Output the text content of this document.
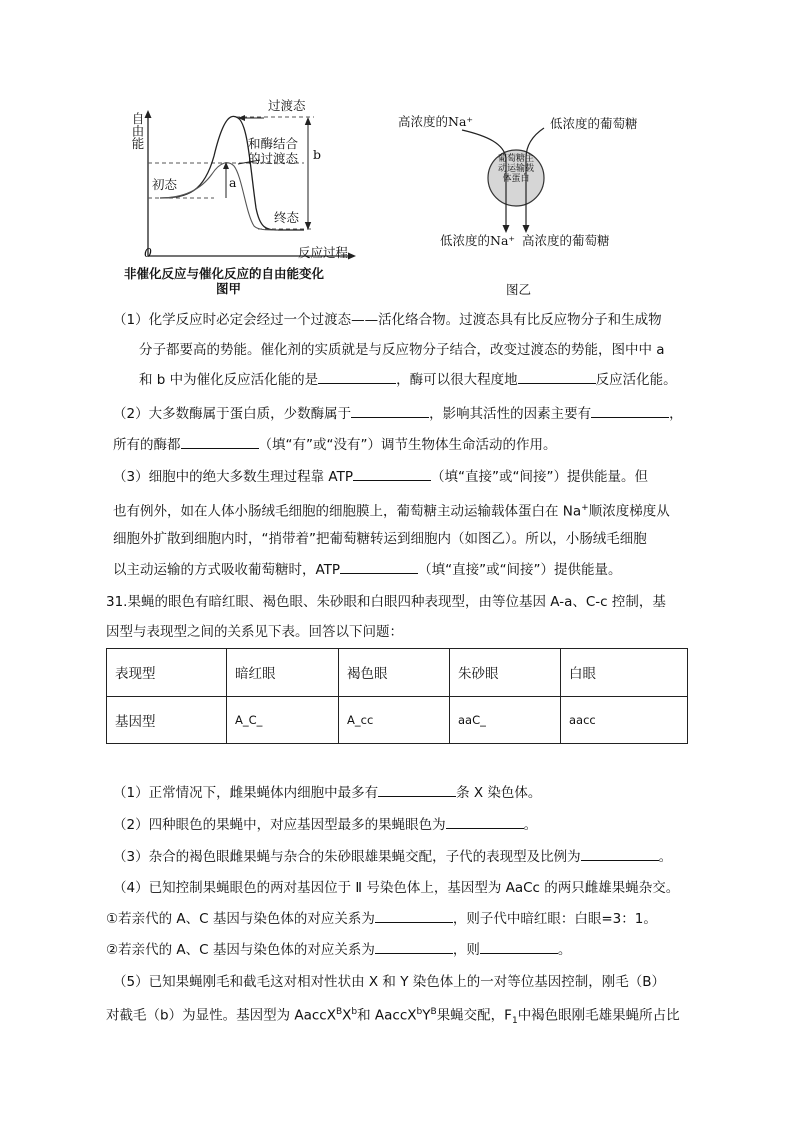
自由能
0	反应过程
过渡态
和酶结合
的过渡态
初态
终态
a
b
非催化反应与催化反应的自由能变化
图甲
高浓度的Na⁺	低浓度的葡萄糖
低浓度的Na⁺ 高浓度的葡萄糖
葡萄糖主动运输载体蛋白
图乙
（1）化学反应时必定会经过一个过渡态——活化络合物。过渡态具有比反应物分子和生成物
分子都要高的势能。催化剂的实质就是与反应物分子结合，改变过渡态的势能，图中中 a
和 b 中为催化反应活化能的是	，酶可以很大程度地	反应活化能。
（2）大多数酶属于蛋白质，少数酶属于	，影响其活性的因素主要有	，
所有的酶都	（填“有”或“没有”）调节生物体生命活动的作用。
（3）细胞中的绝大多数生理过程靠 ATP	（填“直接”或“间接”）提供能量。但
也有例外，如在人体小肠绒毛细胞的细胞膜上，葡萄糖主动运输载体蛋白在 Na+顺浓度梯度从
细胞外扩散到细胞内时，“捎带着”把葡萄糖转运到细胞内（如图乙）。所以，小肠绒毛细胞
以主动运输的方式吸收葡萄糖时，ATP	（填“直接”或“间接”）提供能量。
31.果蝇的眼色有暗红眼、褐色眼、朱砂眼和白眼四种表现型，由等位基因 A-a、C-c 控制，基
因型与表现型之间的关系见下表。回答以下问题：
表现型	暗红眼	褐色眼	朱砂眼	白眼
基因型	A_C_	A_cc	aaC_	aacc
（1）正常情况下，雌果蝇体内细胞中最多有	条 X 染色体。
（2）四种眼色的果蝇中，对应基因型最多的果蝇眼色为	。
（3）杂合的褐色眼雌果蝇与杂合的朱砂眼雄果蝇交配，子代的表现型及比例为	。
（4）已知控制果蝇眼色的两对基因位于 Ⅱ 号染色体上，基因型为 AaCc 的两只雌雄果蝇杂交。
①若亲代的 A、C 基因与染色体的对应关系为	，则子代中暗红眼：白眼=3：1。
②若亲代的 A、C 基因与染色体的对应关系为	，则	。
（5）已知果蝇刚毛和截毛这对相对性状由 X 和 Y 染色体上的一对等位基因控制，刚毛（B）
对截毛（b）为显性。基因型为 $AaccX^BX^b$和 $AaccX^bY^B$果蝇交配，$F_1$中褐色眼刚毛雄果蝇所占比
